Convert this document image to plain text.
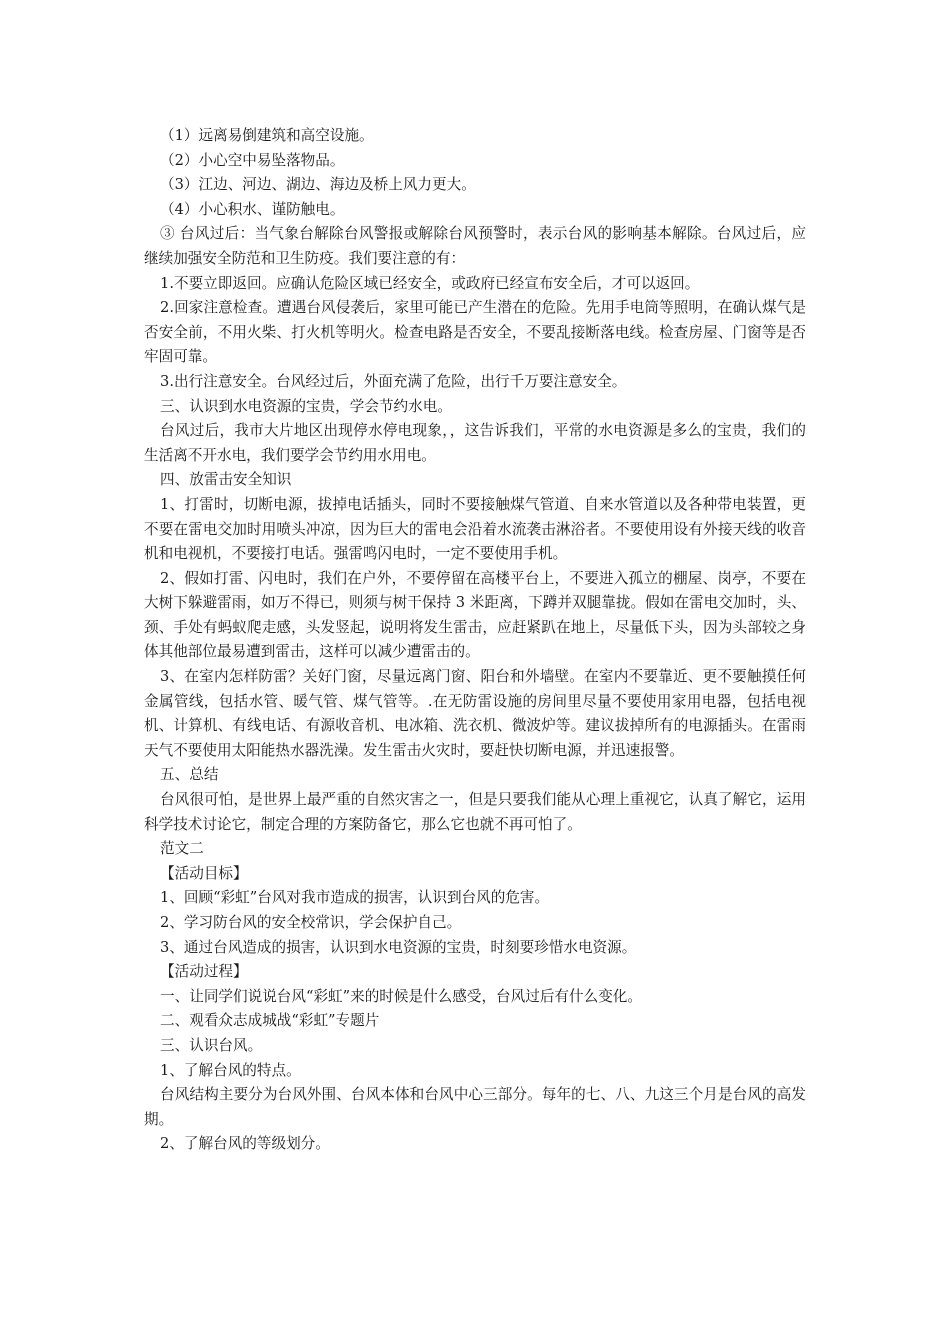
（1）远离易倒建筑和高空设施。

（2）小心空中易坠落物品。

（3）江边、河边、湖边、海边及桥上风力更大。

（4）小心积水、谨防触电。

③ 台风过后：当气象台解除台风警报或解除台风预警时，表示台风的影响基本解除。台风过后，应继续加强安全防范和卫生防疫。我们要注意的有：

1.不要立即返回。应确认危险区域已经安全，或政府已经宣布安全后，才可以返回。

2.回家注意检查。遭遇台风侵袭后，家里可能已产生潜在的危险。先用手电筒等照明，在确认煤气是否安全前，不用火柴、打火机等明火。检查电路是否安全，不要乱接断落电线。检查房屋、门窗等是否牢固可靠。

3.出行注意安全。台风经过后，外面充满了危险，出行千万要注意安全。

三、认识到水电资源的宝贵，学会节约水电。

台风过后，我市大片地区出现停水停电现象，，这告诉我们，平常的水电资源是多么的宝贵，我们的生活离不开水电，我们要学会节约用水用电。

四、放雷击安全知识

1、打雷时，切断电源，拔掉电话插头，同时不要接触煤气管道、自来水管道以及各种带电装置，更不要在雷电交加时用喷头冲凉，因为巨大的雷电会沿着水流袭击淋浴者。不要使用设有外接天线的收音机和电视机，不要接打电话。强雷鸣闪电时，一定不要使用手机。

2、假如打雷、闪电时，我们在户外，不要停留在高楼平台上，不要进入孤立的棚屋、岗亭，不要在大树下躲避雷雨，如万不得已，则须与树干保持 3 米距离，下蹲并双腿靠拢。假如在雷电交加时，头、颈、手处有蚂蚁爬走感，头发竖起，说明将发生雷击，应赶紧趴在地上，尽量低下头，因为头部较之身体其他部位最易遭到雷击，这样可以减少遭雷击的。

3、在室内怎样防雷？关好门窗，尽量远离门窗、阳台和外墙壁。在室内不要靠近、更不要触摸任何金属管线，包括水管、暖气管、煤气管等。.在无防雷设施的房间里尽量不要使用家用电器，包括电视机、计算机、有线电话、有源收音机、电冰箱、洗衣机、微波炉等。建议拔掉所有的电源插头。在雷雨天气不要使用太阳能热水器洗澡。发生雷击火灾时，要赶快切断电源，并迅速报警。

五、总结

台风很可怕，是世界上最严重的自然灾害之一，但是只要我们能从心理上重视它，认真了解它，运用科学技术讨论它，制定合理的方案防备它，那么它也就不再可怕了。

范文二

【活动目标】

1、回顾“彩虹”台风对我市造成的损害，认识到台风的危害。

2、学习防台风的安全校常识，学会保护自己。

3、通过台风造成的损害，认识到水电资源的宝贵，时刻要珍惜水电资源。

【活动过程】

一、让同学们说说台风“彩虹”来的时候是什么感受，台风过后有什么变化。

二、观看众志成城战“彩虹”专题片

三、认识台风。

1、了解台风的特点。

台风结构主要分为台风外围、台风本体和台风中心三部分。每年的七、八、九这三个月是台风的高发期。

2、了解台风的等级划分。
